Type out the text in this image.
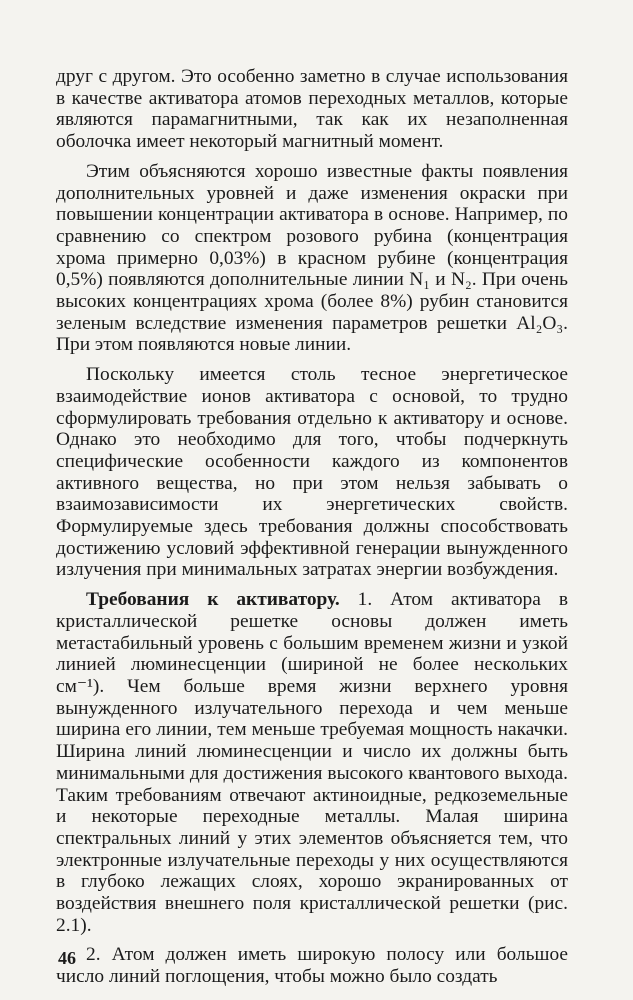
друг с другом. Это особенно заметно в случае использования в качестве активатора атомов переходных металлов, которые являются парамагнитными, так как их незаполненная оболочка имеет некоторый магнитный момент.

Этим объясняются хорошо известные факты появления дополнительных уровней и даже изменения окраски при повышении концентрации активатора в основе. Например, по сравнению со спектром розового рубина (концентрация хрома примерно 0,03%) в красном рубине (концентрация 0,5%) появляются дополнительные линии N₁ и N₂. При очень высоких концентрациях хрома (более 8%) рубин становится зеленым вследствие изменения параметров решетки Al₂O₃. При этом появляются новые линии.

Поскольку имеется столь тесное энергетическое взаимодействие ионов активатора с основой, то трудно сформулировать требования отдельно к активатору и основе. Однако это необходимо для того, чтобы подчеркнуть специфические особенности каждого из компонентов активного вещества, но при этом нельзя забывать о взаимозависимости их энергетических свойств. Формулируемые здесь требования должны способствовать достижению условий эффективной генерации вынужденного излучения при минимальных затратах энергии возбуждения.

Требования к активатору. 1. Атом активатора в кристаллической решетке основы должен иметь метастабильный уровень с большим временем жизни и узкой линией люминесценции (шириной не более нескольких см⁻¹). Чем больше время жизни верхнего уровня вынужденного излучательного перехода и чем меньше ширина его линии, тем меньше требуемая мощность накачки. Ширина линий люминесценции и число их должны быть минимальными для достижения высокого квантового выхода. Таким требованиям отвечают актиноидные, редкоземельные и некоторые переходные металлы. Малая ширина спектральных линий у этих элементов объясняется тем, что электронные излучательные переходы у них осуществляются в глубоко лежащих слоях, хорошо экранированных от воздействия внешнего поля кристаллической решетки (рис. 2.1).

2. Атом должен иметь широкую полосу или большое число линий поглощения, чтобы можно было создать

46
